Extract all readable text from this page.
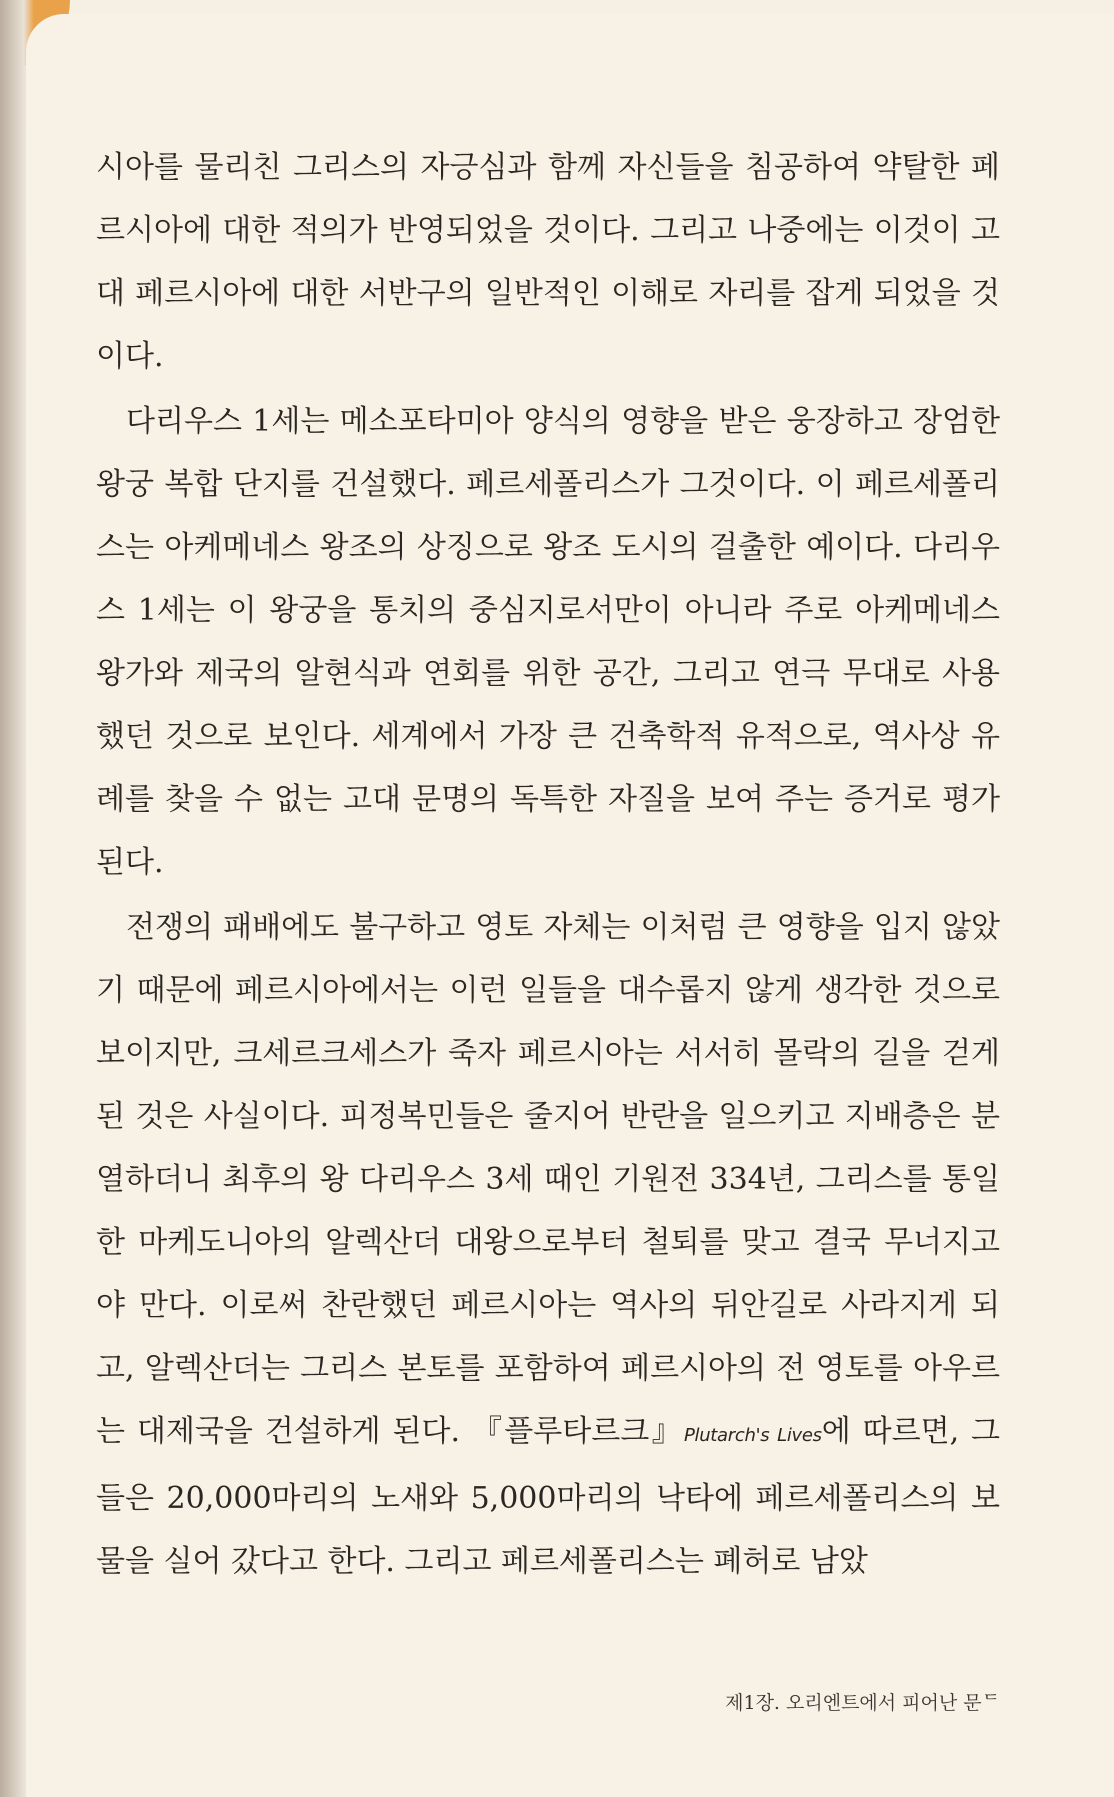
시아를 물리친 그리스의 자긍심과 함께 자신들을 침공하여 약탈한 페르시아에 대한 적의가 반영되었을 것이다. 그리고 나중에는 이것이 고대 페르시아에 대한 서반구의 일반적인 이해로 자리를 잡게 되었을 것이다.

다리우스 1세는 메소포타미아 양식의 영향을 받은 웅장하고 장엄한 왕궁 복합 단지를 건설했다. 페르세폴리스가 그것이다. 이 페르세폴리스는 아케메네스 왕조의 상징으로 왕조 도시의 걸출한 예이다. 다리우스 1세는 이 왕궁을 통치의 중심지로서만이 아니라 주로 아케메네스 왕가와 제국의 알현식과 연회를 위한 공간, 그리고 연극 무대로 사용했던 것으로 보인다. 세계에서 가장 큰 건축학적 유적으로, 역사상 유례를 찾을 수 없는 고대 문명의 독특한 자질을 보여 주는 증거로 평가된다.

전쟁의 패배에도 불구하고 영토 자체는 이처럼 큰 영향을 입지 않았기 때문에 페르시아에서는 이런 일들을 대수롭지 않게 생각한 것으로 보이지만, 크세르크세스가 죽자 페르시아는 서서히 몰락의 길을 걷게 된 것은 사실이다. 피정복민들은 줄지어 반란을 일으키고 지배층은 분열하더니 최후의 왕 다리우스 3세 때인 기원전 334년, 그리스를 통일한 마케도니아의 알렉산더 대왕으로부터 철퇴를 맞고 결국 무너지고야 만다. 이로써 찬란했던 페르시아는 역사의 뒤안길로 사라지게 되고, 알렉산더는 그리스 본토를 포함하여 페르시아의 전 영토를 아우르는 대제국을 건설하게 된다. 『플루타르크』Plutarch's Lives에 따르면, 그들은 20,000마리의 노새와 5,000마리의 낙타에 페르세폴리스의 보물을 실어 갔다고 한다. 그리고 페르세폴리스는 폐허로 남았

제1장. 오리엔트에서 피어난 문ᄃ
